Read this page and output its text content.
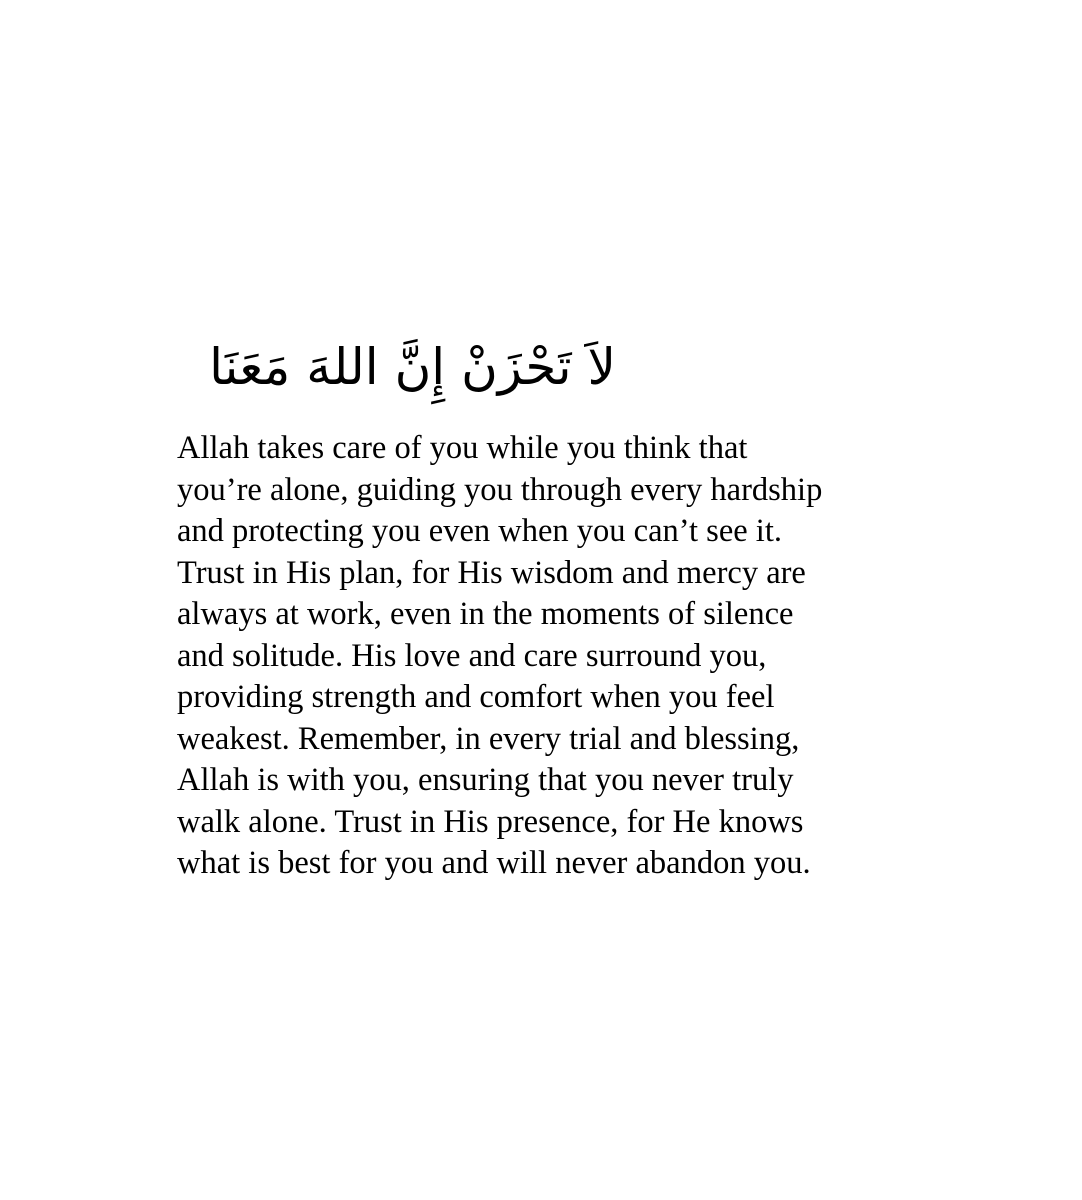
لاَ تَحْزَنْ إِنَّ اللهَ مَعَنَا
Allah takes care of you while you think that
you’re alone, guiding you through every hardship
and protecting you even when you can’t see it.
Trust in His plan, for His wisdom and mercy are
always at work, even in the moments of silence
and solitude. His love and care surround you,
providing strength and comfort when you feel
weakest. Remember, in every trial and blessing,
Allah is with you, ensuring that you never truly
walk alone. Trust in His presence, for He knows
what is best for you and will never abandon you.
